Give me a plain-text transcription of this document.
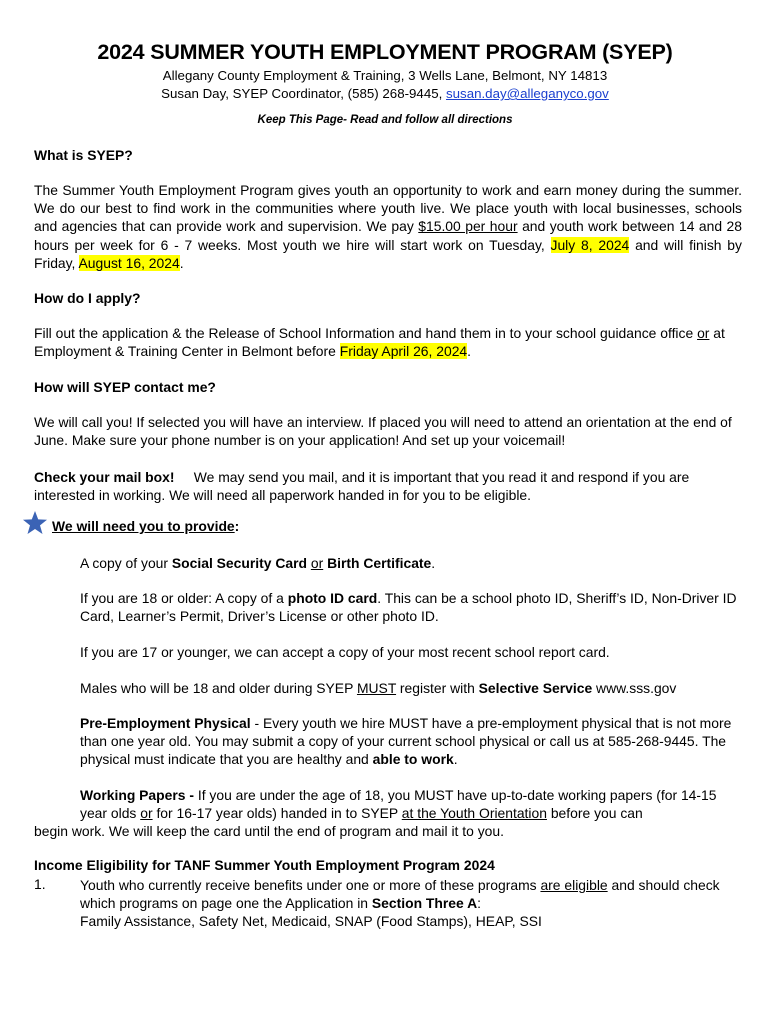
2024 SUMMER YOUTH EMPLOYMENT PROGRAM (SYEP)
Allegany County Employment & Training, 3 Wells Lane, Belmont, NY 14813
Susan Day, SYEP Coordinator, (585) 268-9445, susan.day@alleganyco.gov
Keep This Page- Read and follow all directions
What is SYEP?
The Summer Youth Employment Program gives youth an opportunity to work and earn money during the summer. We do our best to find work in the communities where youth live. We place youth with local businesses, schools and agencies that can provide work and supervision. We pay $15.00 per hour and youth work between 14 and 28 hours per week for 6 - 7 weeks. Most youth we hire will start work on Tuesday, July 8, 2024 and will finish by Friday, August 16, 2024.
How do I apply?
Fill out the application & the Release of School Information and hand them in to your school guidance office or at Employment & Training Center in Belmont before Friday April 26, 2024.
How will SYEP contact me?
We will call you! If selected you will have an interview. If placed you will need to attend an orientation at the end of June. Make sure your phone number is on your application! And set up your voicemail!
Check your mail box!     We may send you mail, and it is important that you read it and respond if you are interested in working. We will need all paperwork handed in for you to be eligible.
We will need you to provide:
A copy of your Social Security Card or Birth Certificate.
If you are 18 or older: A copy of a photo ID card. This can be a school photo ID, Sheriff’s ID, Non-Driver ID Card, Learner’s Permit, Driver’s License or other photo ID.
If you are 17 or younger, we can accept a copy of your most recent school report card.
Males who will be 18 and older during SYEP MUST register with Selective Service www.sss.gov
Pre-Employment Physical - Every youth we hire MUST have a pre-employment physical that is not more than one year old. You may submit a copy of your current school physical or call us at 585-268-9445. The physical must indicate that you are healthy and able to work.
Working Papers - If you are under the age of 18, you MUST have up-to-date working papers (for 14-15 year olds or for 16-17 year olds) handed in to SYEP at the Youth Orientation before you can
begin work. We will keep the card until the end of program and mail it to you.
Income Eligibility for TANF Summer Youth Employment Program 2024
1. Youth who currently receive benefits under one or more of these programs are eligible and should check which programs on page one the Application in Section Three A:
Family Assistance, Safety Net, Medicaid, SNAP (Food Stamps), HEAP, SSI
